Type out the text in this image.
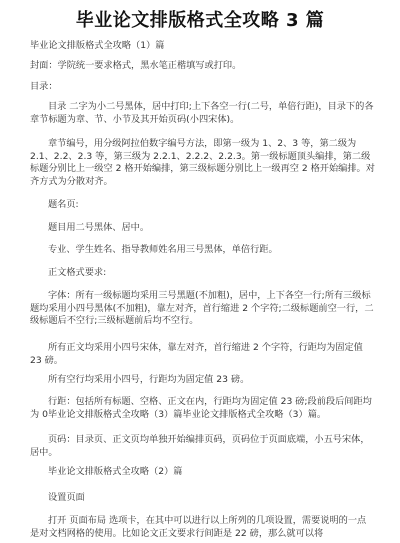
毕业论文排版格式全攻略 3 篇

毕业论文排版格式全攻略（1）篇

封面：学院统一要求格式，黑水笔正楷填写或打印。

目录：

目录 二字为小二号黑体，居中打印;上下各空一行(二号，单倍行距)，目录下的各章节标题为章、节、小节及其开始页码(小四宋体)。

章节编号，用分级阿拉伯数字编号方法，即第一级为 1、2、3 等，第二级为 2.1、2.2、2.3 等，第三级为 2.2.1、2.2.2、2.2.3。第一级标题顶头编排，第二级标题分别比上一级空 2 格开始编排，第三级标题分别比上一级再空 2 格开始编排。对齐方式为分散对齐。

题名页:

题目用二号黑体、居中。

专业、学生姓名、指导教师姓名用三号黑体，单倍行距。

正文格式要求:

字体：所有一级标题均采用三号黑题(不加粗)，居中，上下各空一行;所有三级标题均采用小四号黑体(不加粗)，靠左对齐，首行缩进 2 个字符;二级标题前空一行，二级标题后不空行;三级标题前后均不空行。

所有正文均采用小四号宋体，靠左对齐，首行缩进 2 个字符，行距均为固定值 23 磅。

所有空行均采用小四号，行距均为固定值 23 磅。

行距：包括所有标题、空格、正文在内，行距均为固定值 23 磅;段前段后间距均为 0毕业论文排版格式全攻略（3）篇毕业论文排版格式全攻略（3）篇。

页码：目录页、正文页均单独开始编排页码，页码位于页面底端，小五号宋体，居中。

毕业论文排版格式全攻略（2）篇

设置页面

打开 页面布局 选项卡，在其中可以进行以上所列的几项设置，需要说明的一点是对文档网格的使用。比如论文正文要求行间距是 22 磅，那么就可以将
